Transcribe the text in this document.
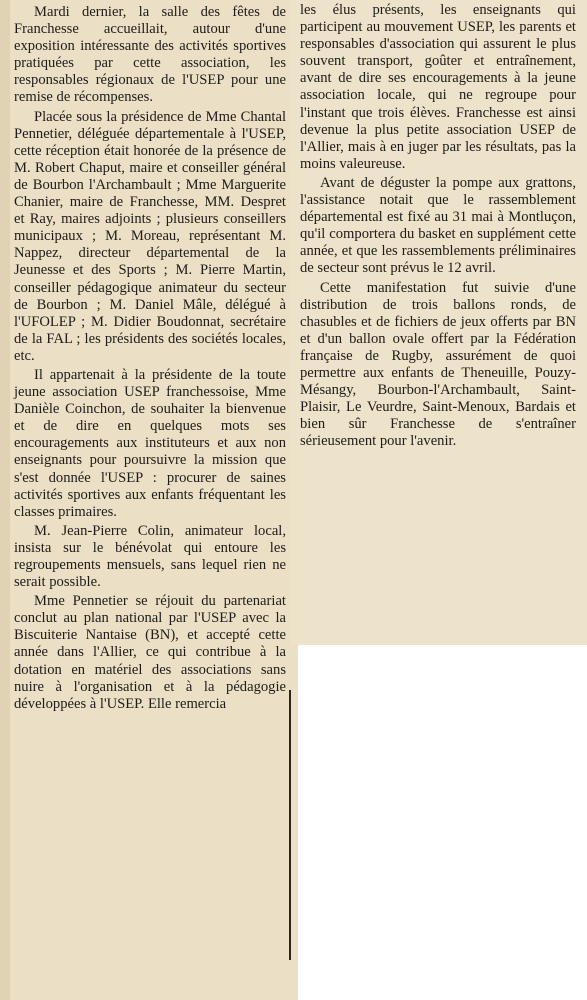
Mardi dernier, la salle des fêtes de Franchesse accueillait, autour d'une exposition intéressante des activités sportives pratiquées par cette association, les responsables régionaux de l'USEP pour une remise de récompenses.

Placée sous la présidence de Mme Chantal Pennetier, déléguée départementale à l'USEP, cette réception était honorée de la présence de M. Robert Chaput, maire et conseiller général de Bourbon l'Archambault ; Mme Marguerite Chanier, maire de Franchesse, MM. Despret et Ray, maires adjoints ; plusieurs conseillers municipaux ; M. Moreau, représentant M. Nappez, directeur départemental de la Jeunesse et des Sports ; M. Pierre Martin, conseiller pédagogique animateur du secteur de Bourbon ; M. Daniel Mâle, délégué à l'UFOLEP ; M. Didier Boudonnat, secrétaire de la FAL ; les présidents des sociétés locales, etc.

Il appartenait à la présidente de la toute jeune association USEP franchessoise, Mme Danièle Coinchon, de souhaiter la bienvenue et de dire en quelques mots ses encouragements aux instituteurs et aux non enseignants pour poursuivre la mission que s'est donnée l'USEP : procurer de saines activités sportives aux enfants fréquentant les classes primaires.

M. Jean-Pierre Colin, animateur local, insista sur le bénévolat qui entoure les regroupements mensuels, sans lequel rien ne serait possible.

Mme Pennetier se réjouit du partenariat conclut au plan national par l'USEP avec la Biscuiterie Nantaise (BN), et accepté cette année dans l'Allier, ce qui contribue à la dotation en matériel des associations sans nuire à l'organisation et à la pédagogie développées à l'USEP. Elle remercia

les élus présents, les enseignants qui participent au mouvement USEP, les parents et responsables d'association qui assurent le plus souvent transport, goûter et entraînement, avant de dire ses encouragements à la jeune association locale, qui ne regroupe pour l'instant que trois élèves. Franchesse est ainsi devenue la plus petite association USEP de l'Allier, mais à en juger par les résultats, pas la moins valeureuse.

Avant de déguster la pompe aux grattons, l'assistance notait que le rassemblement départemental est fixé au 31 mai à Montluçon, qu'il comportera du basket en supplément cette année, et que les rassemblements préliminaires de secteur sont prévus le 12 avril.

Cette manifestation fut suivie d'une distribution de trois ballons ronds, de chasubles et de fichiers de jeux offerts par BN et d'un ballon ovale offert par la Fédération française de Rugby, assurément de quoi permettre aux enfants de Theneuille, Pouzy-Mésangy, Bourbon-l'Archambault, Saint-Plaisir, Le Veurdre, Saint-Menoux, Bardais et bien sûr Franchesse de s'entraîner sérieusement pour l'avenir.
